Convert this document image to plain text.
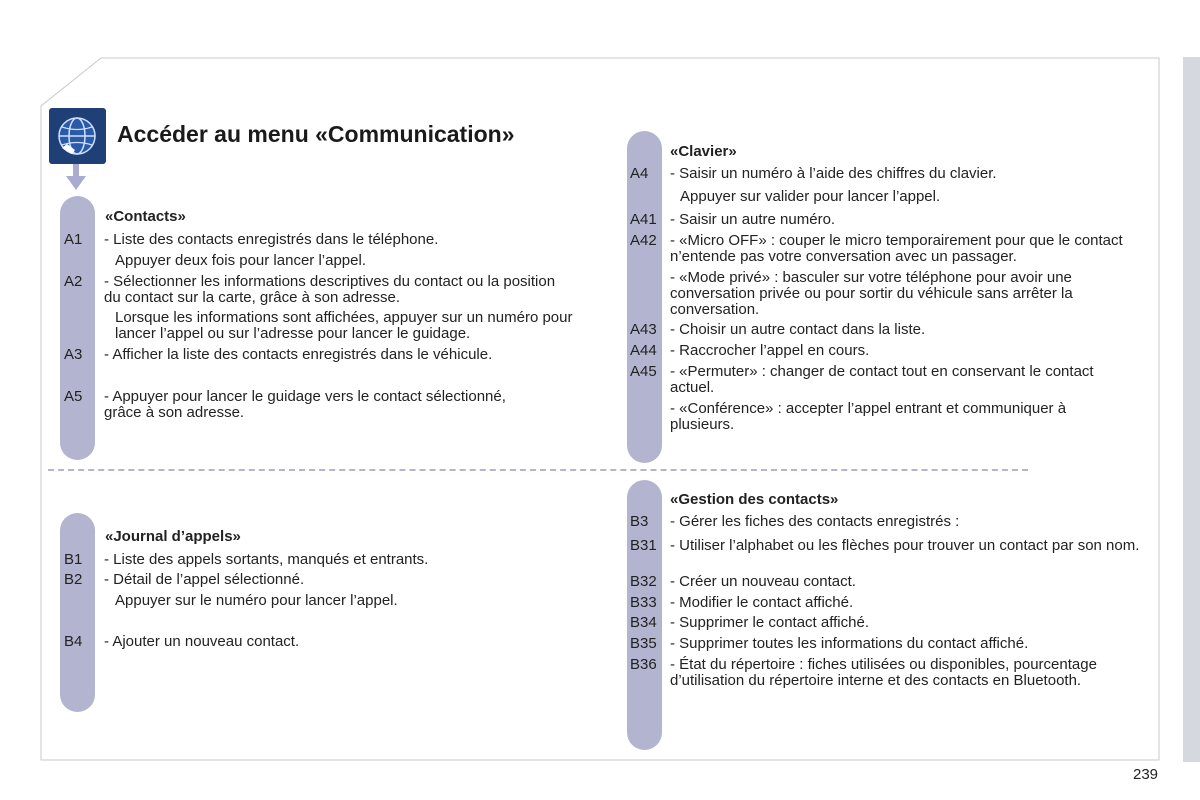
Accéder au menu «Communication»
«Contacts»
A1 - Liste des contacts enregistrés dans le téléphone.
Appuyer deux fois pour lancer l’appel.
A2 - Sélectionner les informations descriptives du contact ou la position du contact sur la carte, grâce à son adresse.
Lorsque les informations sont affichées, appuyer sur un numéro pour lancer l’appel ou sur l’adresse pour lancer le guidage.
A3 - Afficher la liste des contacts enregistrés dans le véhicule.
A5 - Appuyer pour lancer le guidage vers le contact sélectionné, grâce à son adresse.
«Journal d’appels»
B1 - Liste des appels sortants, manqués et entrants.
B2 - Détail de l’appel sélectionné.
Appuyer sur le numéro pour lancer l’appel.
B4 - Ajouter un nouveau contact.
«Clavier»
A4 - Saisir un numéro à l’aide des chiffres du clavier.
Appuyer sur valider pour lancer l’appel.
A41 - Saisir un autre numéro.
A42 - «Micro OFF» : couper le micro temporairement pour que le contact n’entende pas votre conversation avec un passager.
- «Mode privé» : basculer sur votre téléphone pour avoir une conversation privée ou pour sortir du véhicule sans arrêter la conversation.
A43 - Choisir un autre contact dans la liste.
A44 - Raccrocher l’appel en cours.
A45 - «Permuter» : changer de contact tout en conservant le contact actuel.
- «Conférence» : accepter l’appel entrant et communiquer à plusieurs.
«Gestion des contacts»
B3 - Gérer les fiches des contacts enregistrés :
B31 - Utiliser l’alphabet ou les flèches pour trouver un contact par son nom.
B32 - Créer un nouveau contact.
B33 - Modifier le contact affiché.
B34 - Supprimer le contact affiché.
B35 - Supprimer toutes les informations du contact affiché.
B36 - État du répertoire : fiches utilisées ou disponibles, pourcentage d’utilisation du répertoire interne et des contacts en Bluetooth.
239
